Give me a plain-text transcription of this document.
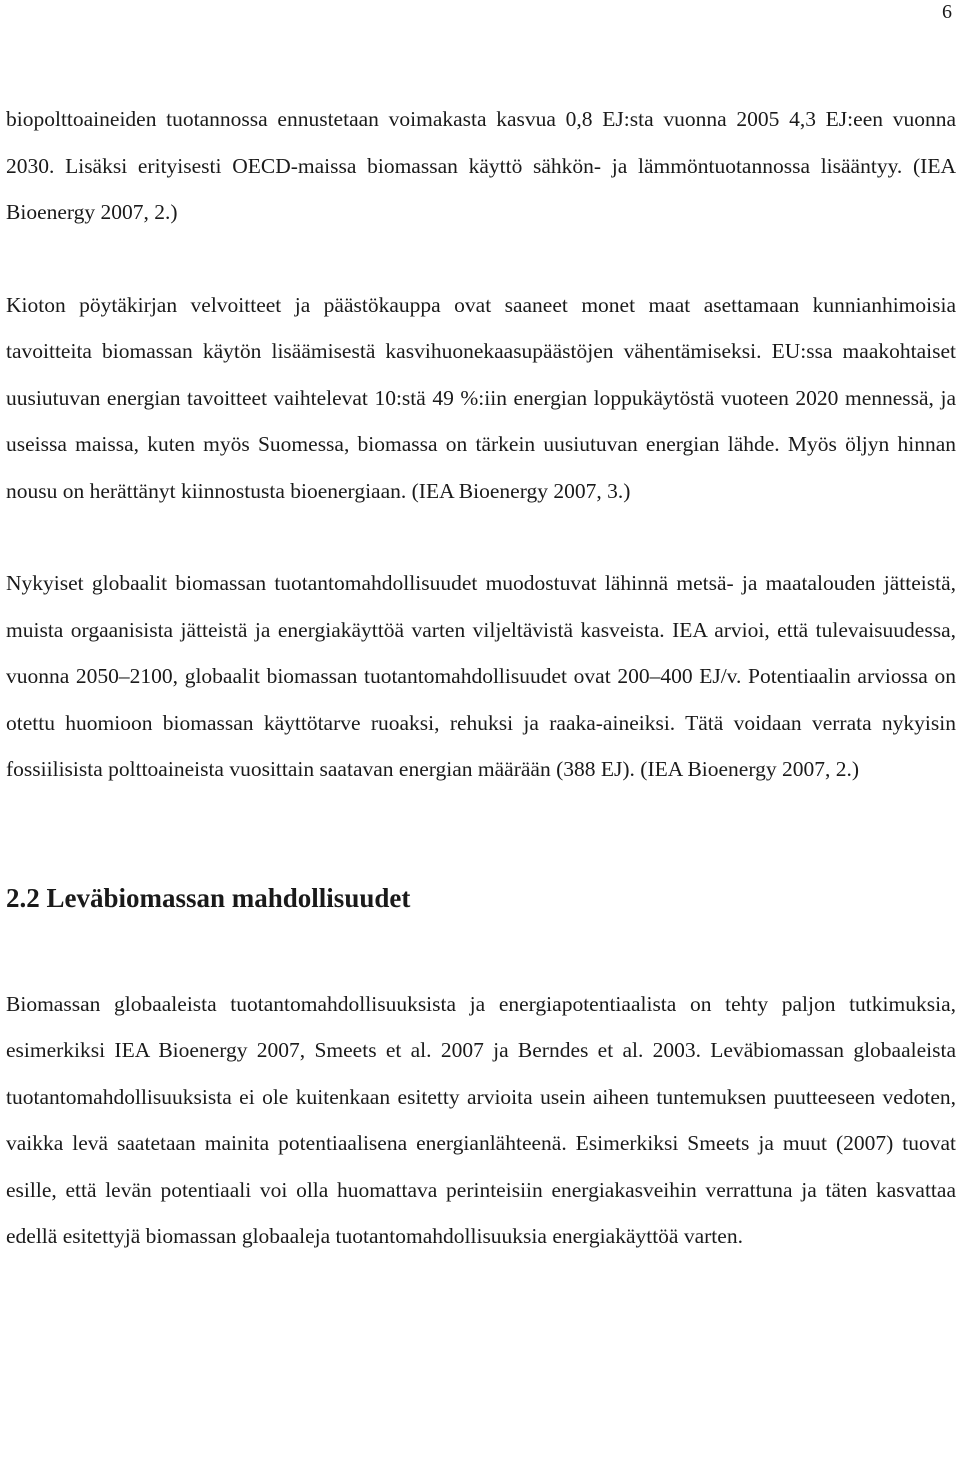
6

biopolttoaineiden tuotannossa ennustetaan voimakasta kasvua 0,8 EJ:sta vuonna 2005 4,3 EJ:een vuonna 2030. Lisäksi erityisesti OECD-maissa biomassan käyttö sähkön- ja lämmöntuotannossa lisääntyy. (IEA Bioenergy 2007, 2.)

Kioton pöytäkirjan velvoitteet ja päästökauppa ovat saaneet monet maat asettamaan kunnianhimoisia tavoitteita biomassan käytön lisäämisestä kasvihuonekaasupäästöjen vähentämiseksi. EU:ssa maakohtaiset uusiutuvan energian tavoitteet vaihtelevat 10:stä 49 %:iin energian loppukäytöstä vuoteen 2020 mennessä, ja useissa maissa, kuten myös Suomessa, biomassa on tärkein uusiutuvan energian lähde. Myös öljyn hinnan nousu on herättänyt kiinnostusta bioenergiaan. (IEA Bioenergy 2007, 3.)

Nykyiset globaalit biomassan tuotantomahdollisuudet muodostuvat lähinnä metsä- ja maatalouden jätteistä, muista orgaanisista jätteistä ja energiakäyttöä varten viljeltävistä kasveista. IEA arvioi, että tulevaisuudessa, vuonna 2050–2100, globaalit biomassan tuotantomahdollisuudet ovat 200–400 EJ/v. Potentiaalin arviossa on otettu huomioon biomassan käyttötarve ruoaksi, rehuksi ja raaka-aineiksi. Tätä voidaan verrata nykyisin fossiilisista polttoaineista vuosittain saatavan energian määrään (388 EJ). (IEA Bioenergy 2007, 2.)

2.2 Leväbiomassan mahdollisuudet

Biomassan globaaleista tuotantomahdollisuuksista ja energiapotentiaalista on tehty paljon tutkimuksia, esimerkiksi IEA Bioenergy 2007, Smeets et al. 2007 ja Berndes et al. 2003. Leväbiomassan globaaleista tuotantomahdollisuuksista ei ole kuitenkaan esitetty arvioita usein aiheen tuntemuksen puutteeseen vedoten, vaikka levä saatetaan mainita potentiaalisena energianlähteenä. Esimerkiksi Smeets ja muut (2007) tuovat esille, että levän potentiaali voi olla huomattava perinteisiin energiakasveihin verrattuna ja täten kasvattaa edellä esitettyjä biomassan globaaleja tuotantomahdollisuuksia energiakäyttöä varten.
